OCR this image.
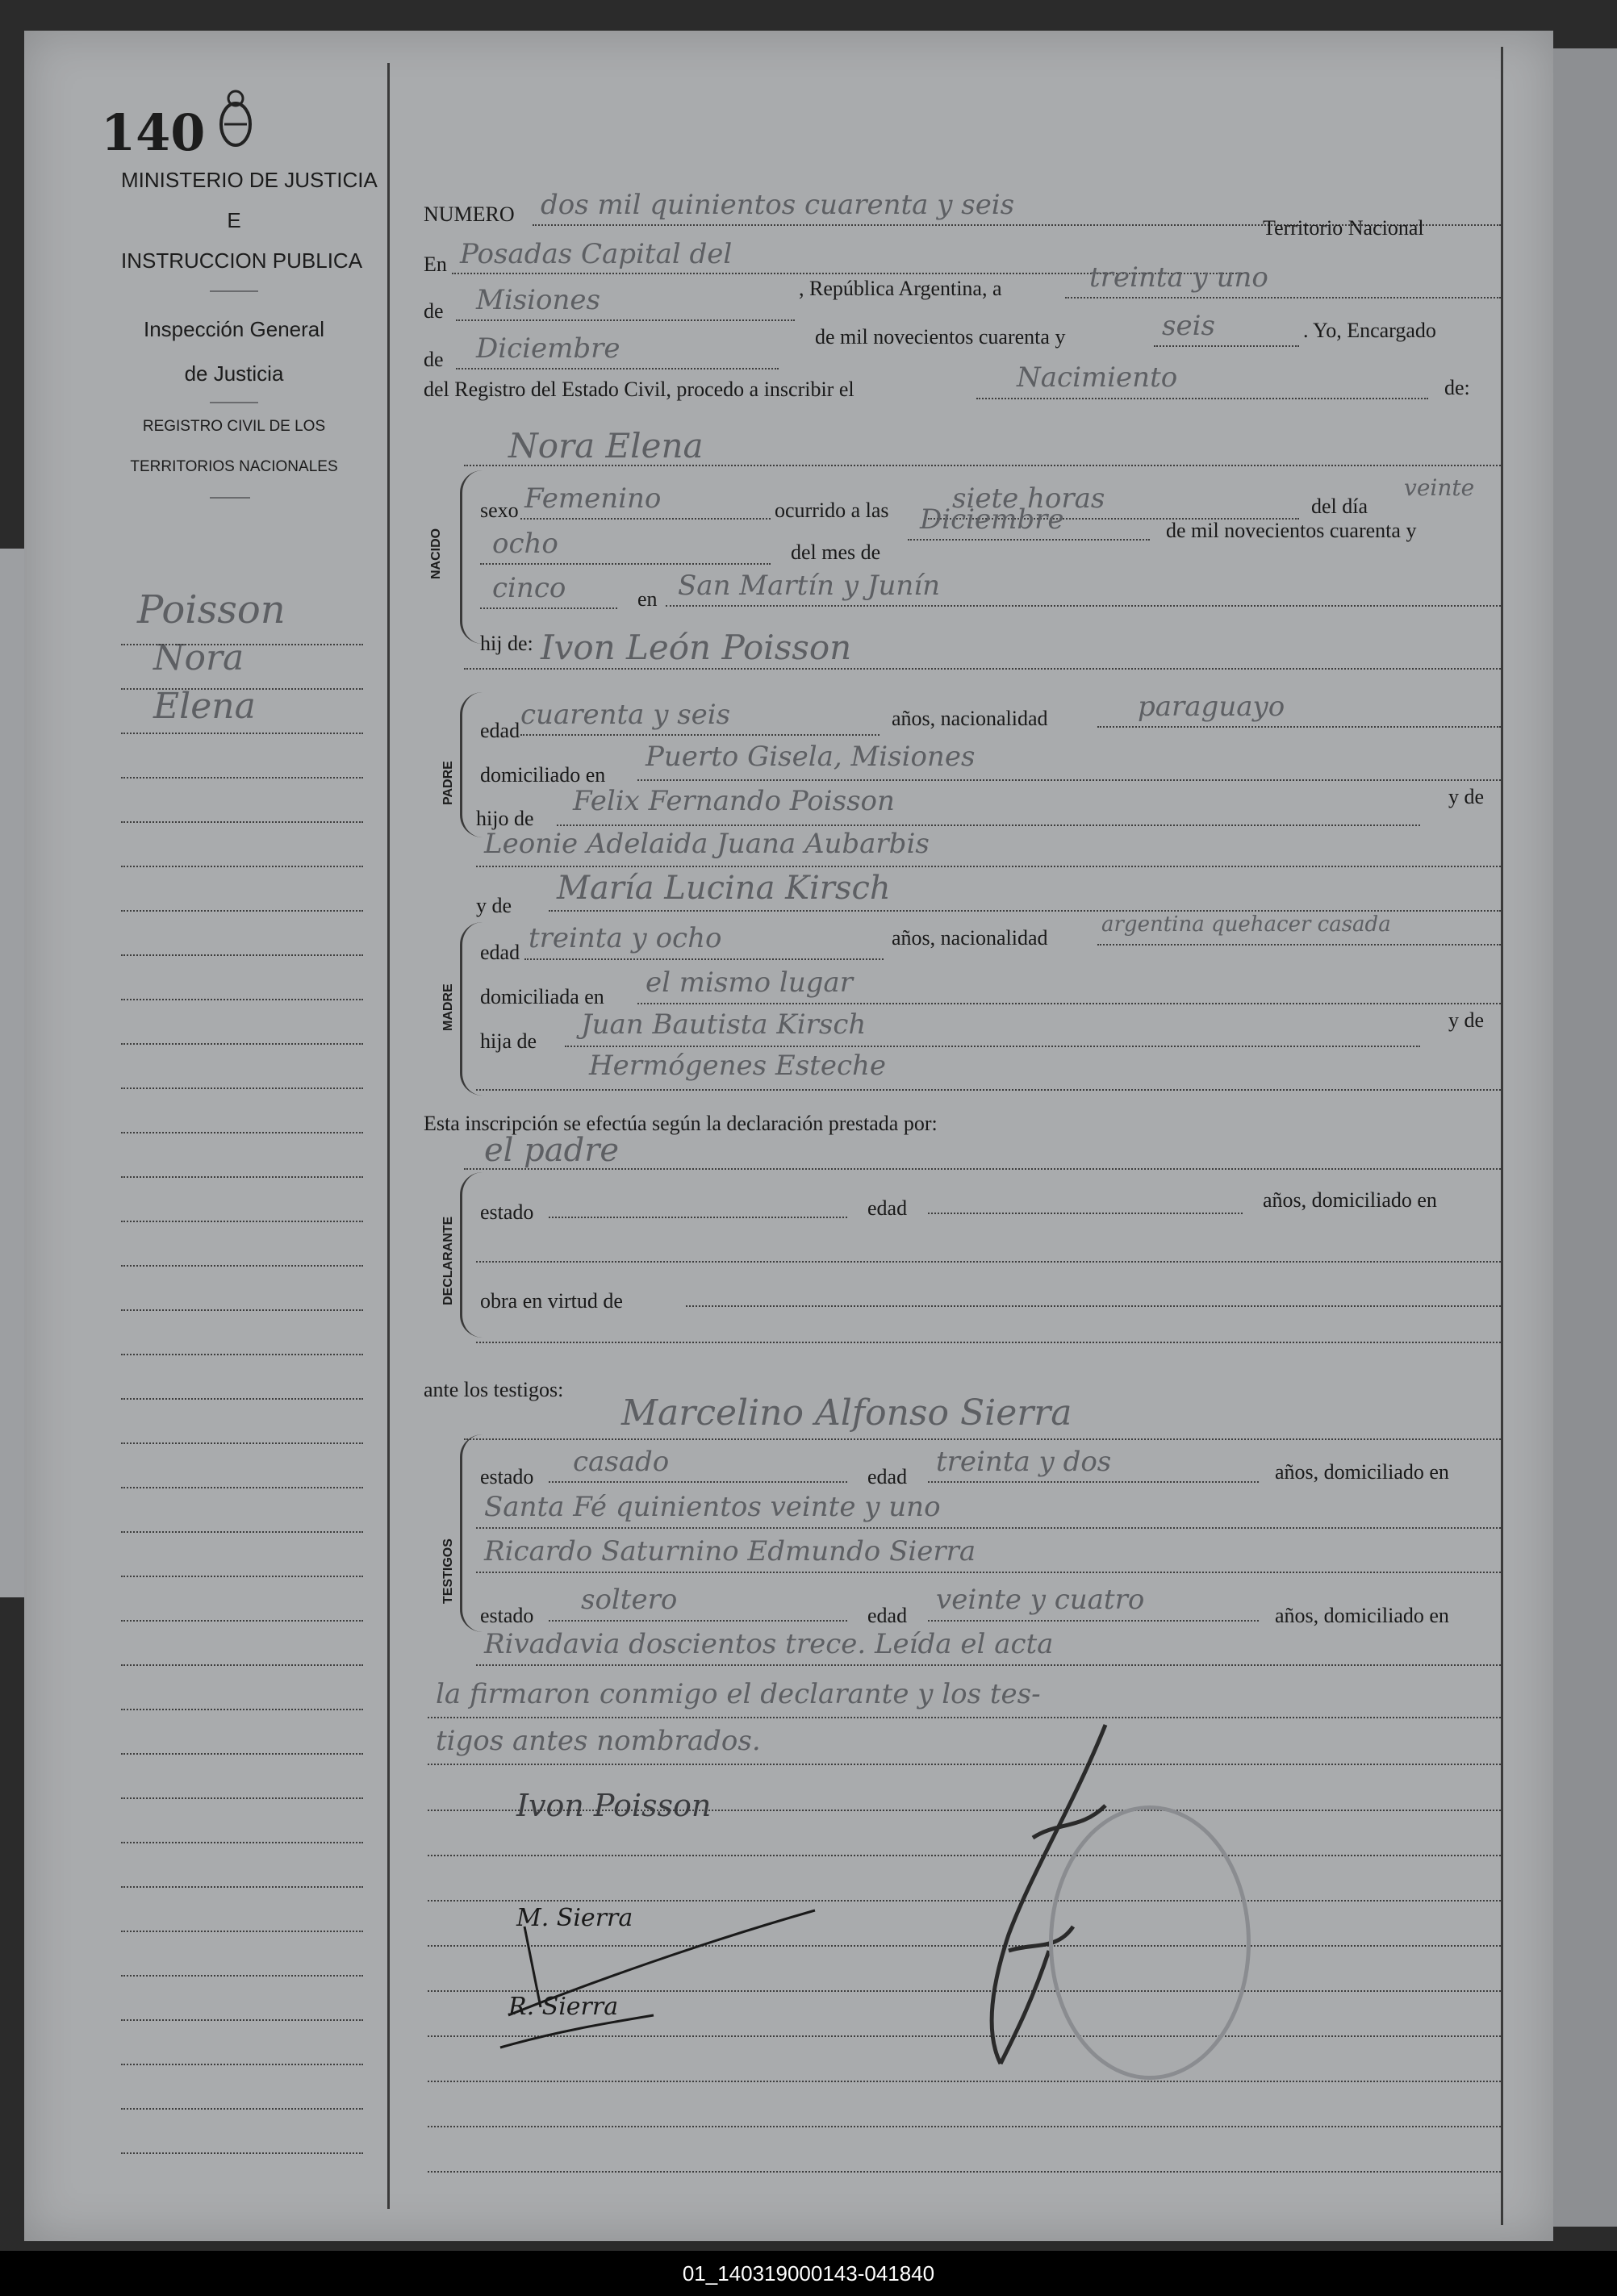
140
MINISTERIO DE JUSTICIA
E
INSTRUCCION PUBLICA
Inspección General
de Justicia
REGISTRO CIVIL DE LOS
TERRITORIOS NACIONALES
Poisson
Nora
Elena
NUMERO dos mil quinientos cuarenta y seis
En Posadas Capital del
Territorio Nacional
de Misiones	, República Argentina, a	treinta y uno
de Diciembre	de mil novecientos cuarenta y	seis	. Yo, Encargado
del Registro del Estado Civil, procedo a inscribir el	Nacimiento	de:
NACIDO
Nora Elena
sexo Femenino	ocurrido a las siete horas	del día
veinte
ocho	del mes de
Diciembre	de mil novecientos cuarenta y
cinco	en San Martín y Junín
hij de: Ivon León Poisson
PADRE
edad cuarenta y seis	años, nacionalidad	paraguayo
domiciliado en
Puerto Gisela, Misiones
hijo de
Felix Fernando Poisson	y de
Leonie Adelaida Juana Aubarbis
y de María Lucina Kirsch
MADRE
edad treinta y ocho	años, nacionalidad
argentina quehacer casada
domiciliada en el mismo lugar
hija de
Juan Bautista Kirsch	y de
Hermógenes Esteche
Esta inscripción se efectúa según la declaración prestada por:
el padre
DECLARANTE
estado	edad	años, domiciliado en
obra en virtud de
ante los testigos:
Marcelino Alfonso Sierra
TESTIGOS
estado casado	edad treinta y dos	años, domiciliado en
Santa Fé quinientos veinte y uno
Ricardo Saturnino Edmundo Sierra
estado soltero	edad veinte y cuatro	años, domiciliado en
Rivadavia doscientos trece. Leída el acta
la firmaron conmigo el declarante y los tes-
tigos antes nombrados.
Ivon Poisson
M. Sierra
R. Sierra
01_140319000143-041840
